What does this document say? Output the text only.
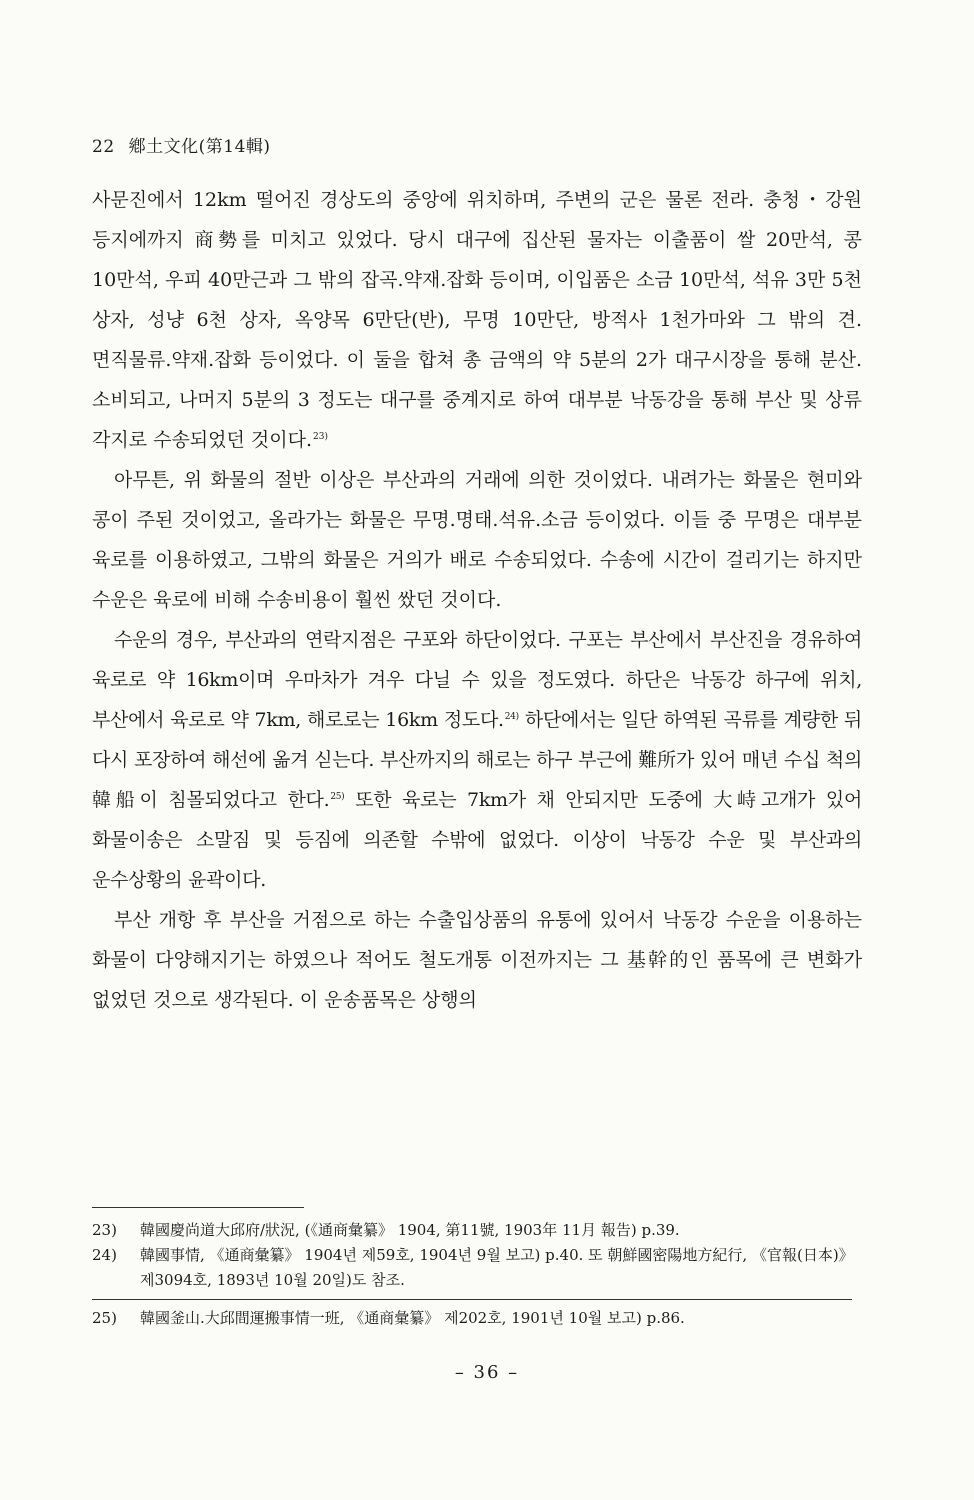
22 鄕土文化(第14輯)

사문진에서 12km 떨어진 경상도의 중앙에 위치하며, 주변의 군은 물론 전라. 충청・강원 등지에까지 商勢를 미치고 있었다. 당시 대구에 집산된 물자는 이출품이 쌀 20만석, 콩 10만석, 우피 40만근과 그 밖의 잡곡.약재.잡화 등이며, 이입품은 소금 10만석, 석유 3만 5천 상자, 성냥 6천 상자, 옥양목 6만단(반), 무명 10만단, 방적사 1천가마와 그 밖의 견.면직물류.약재.잡화 등이었다. 이 둘을 합쳐 총 금액의 약 5분의 2가 대구시장을 통해 분산.소비되고, 나머지 5분의 3 정도는 대구를 중계지로 하여 대부분 낙동강을 통해 부산 및 상류 각지로 수송되었던 것이다.$^{23)}$

아무튼, 위 화물의 절반 이상은 부산과의 거래에 의한 것이었다. 내려가는 화물은 현미와 콩이 주된 것이었고, 올라가는 화물은 무명.명태.석유.소금 등이었다. 이들 중 무명은 대부분 육로를 이용하였고, 그밖의 화물은 거의가 배로 수송되었다. 수송에 시간이 걸리기는 하지만 수운은 육로에 비해 수송비용이 훨씬 쌌던 것이다.

수운의 경우, 부산과의 연락지점은 구포와 하단이었다. 구포는 부산에서 부산진을 경유하여 육로로 약 16km이며 우마차가 겨우 다닐 수 있을 정도였다. 하단은 낙동강 하구에 위치, 부산에서 육로로 약 7km, 해로로는 16km 정도다.$^{24)}$ 하단에서는 일단 하역된 곡류를 계량한 뒤 다시 포장하여 해선에 옮겨 싣는다. 부산까지의 해로는 하구 부근에 難所가 있어 매년 수십 척의 韓船이 침몰되었다고 한다.$^{25)}$ 또한 육로는 7km가 채 안되지만 도중에 大峙고개가 있어 화물이송은 소말짐 및 등짐에 의존할 수밖에 없었다. 이상이 낙동강 수운 및 부산과의 운수상황의 윤곽이다.

부산 개항 후 부산을 거점으로 하는 수출입상품의 유통에 있어서 낙동강 수운을 이용하는 화물이 다양해지기는 하였으나 적어도 철도개통 이전까지는 그 基幹的인 품목에 큰 변화가 없었던 것으로 생각된다. 이 운송품목은 상행의

23)	韓國慶尚道大邱府/狀況, (《通商彙纂》 1904, 第11號, 1903年 11月 報告) p.39.
24)	韓國事情, 《通商彙纂》 1904년 제59호, 1904년 9월 보고) p.40. 또 朝鮮國密陽地方紀行, 《官報(日本)》 제3094호, 1893년 10월 20일)도 참조.
25)	韓國釜山.大邱間運搬事情一班, 《通商彙纂》 제202호, 1901년 10월 보고) p.86.
– 36 –
